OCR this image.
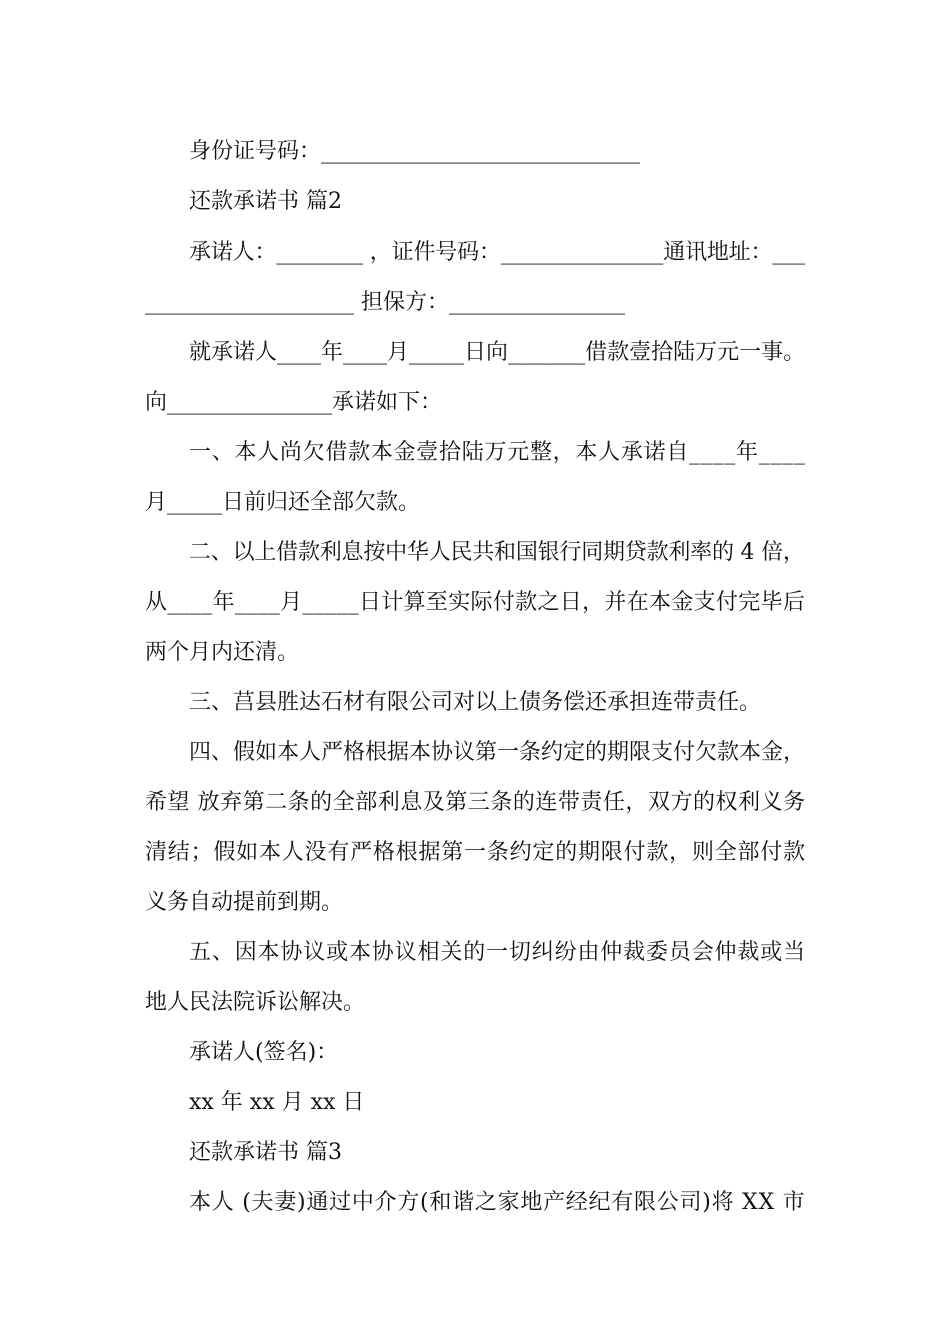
身份证号码：_____________________________
还款承诺书 篇2
承诺人：________ ，证件号码：_______________通讯地址：___
___________________ 担保方：________________
就承诺人____年____月_____日向_______借款壹拾陆万元一事。
向_______________承诺如下：
一、本人尚欠借款本金壹拾陆万元整，本人承诺自____年____
月_____日前归还全部欠款。
二、以上借款利息按中华人民共和国银行同期贷款利率的 4 倍，
从____年____月_____日计算至实际付款之日，并在本金支付完毕后
两个月内还清。
三、莒县胜达石材有限公司对以上债务偿还承担连带责任。
四、假如本人严格根据本协议第一条约定的期限支付欠款本金，
希望 放弃第二条的全部利息及第三条的连带责任，双方的权利义务
清结；假如本人没有严格根据第一条约定的期限付款，则全部付款
义务自动提前到期。
五、因本协议或本协议相关的一切纠纷由仲裁委员会仲裁或当
地人民法院诉讼解决。
承诺人(签名)：
xx 年 xx 月 xx 日
还款承诺书 篇3
本人 (夫妻)通过中介方(和谐之家地产经纪有限公司)将 XX 市
